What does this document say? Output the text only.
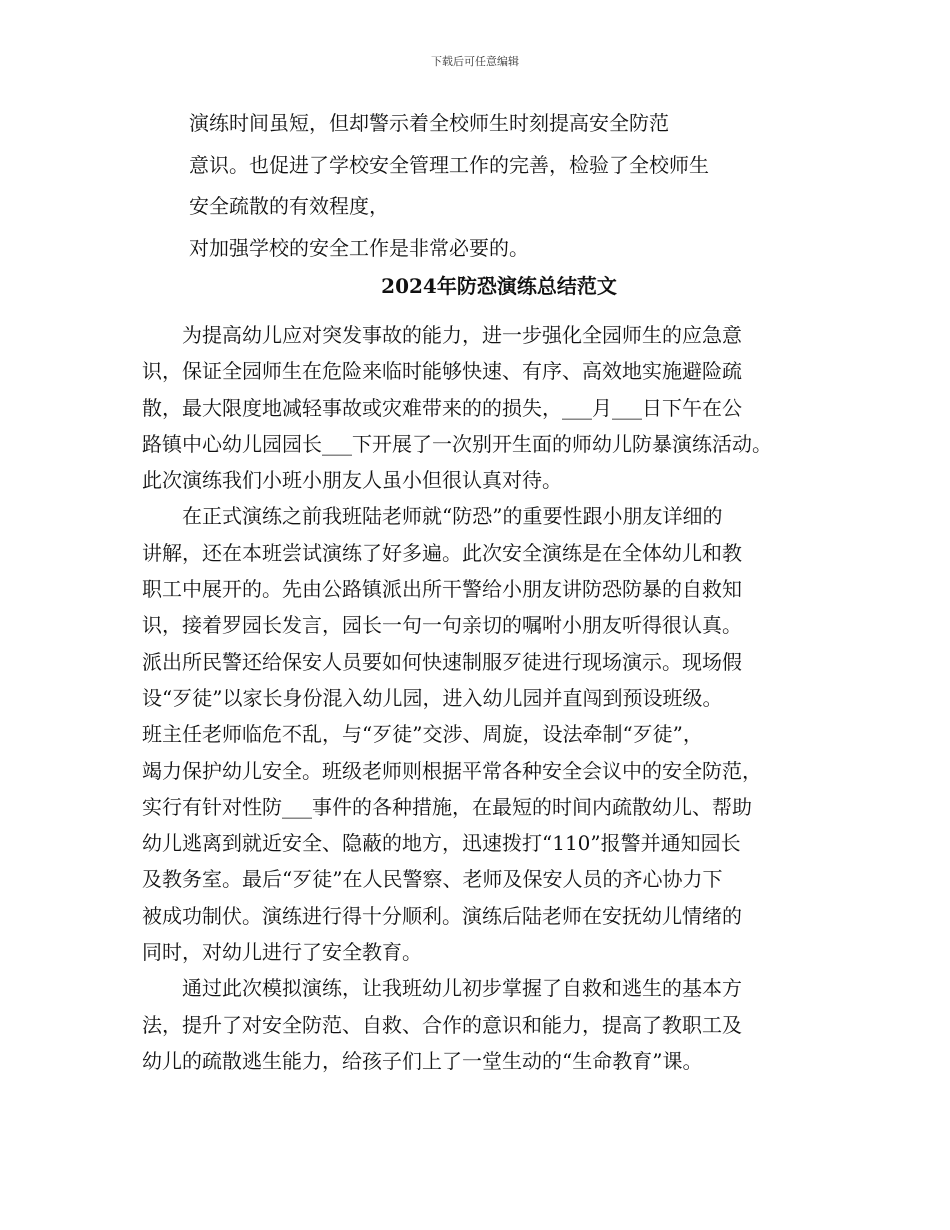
下载后可任意编辑
演练时间虽短，但却警示着全校师生时刻提高安全防范
意识。也促进了学校安全管理工作的完善，检验了全校师生
安全疏散的有效程度，
对加强学校的安全工作是非常必要的。
2024年防恐演练总结范文

　　为提高幼儿应对突发事故的能力，进一步强化全园师生的应急意
识，保证全园师生在危险来临时能够快速、有序、高效地实施避险疏
散，最大限度地减轻事故或灾难带来的的损失，___月___日下午在公
路镇中心幼儿园园长___下开展了一次别开生面的师幼儿防暴演练活动。
此次演练我们小班小朋友人虽小但很认真对待。

　　在正式演练之前我班陆老师就“防恐”的重要性跟小朋友详细的
讲解，还在本班尝试演练了好多遍。此次安全演练是在全体幼儿和教
职工中展开的。先由公路镇派出所干警给小朋友讲防恐防暴的自救知
识，接着罗园长发言，园长一句一句亲切的嘱咐小朋友听得很认真。
派出所民警还给保安人员要如何快速制服歹徒进行现场演示。现场假
设“歹徒”以家长身份混入幼儿园，进入幼儿园并直闯到预设班级。
班主任老师临危不乱，与“歹徒”交涉、周旋，设法牵制“歹徒”，
竭力保护幼儿安全。班级老师则根据平常各种安全会议中的安全防范，
实行有针对性防___事件的各种措施，在最短的时间内疏散幼儿、帮助
幼儿逃离到就近安全、隐蔽的地方，迅速拨打“110”报警并通知园长
及教务室。最后“歹徒”在人民警察、老师及保安人员的齐心协力下
被成功制伏。演练进行得十分顺利。演练后陆老师在安抚幼儿情绪的
同时，对幼儿进行了安全教育。

　　通过此次模拟演练，让我班幼儿初步掌握了自救和逃生的基本方
法，提升了对安全防范、自救、合作的意识和能力，提高了教职工及
幼儿的疏散逃生能力，给孩子们上了一堂生动的“生命教育”课。
